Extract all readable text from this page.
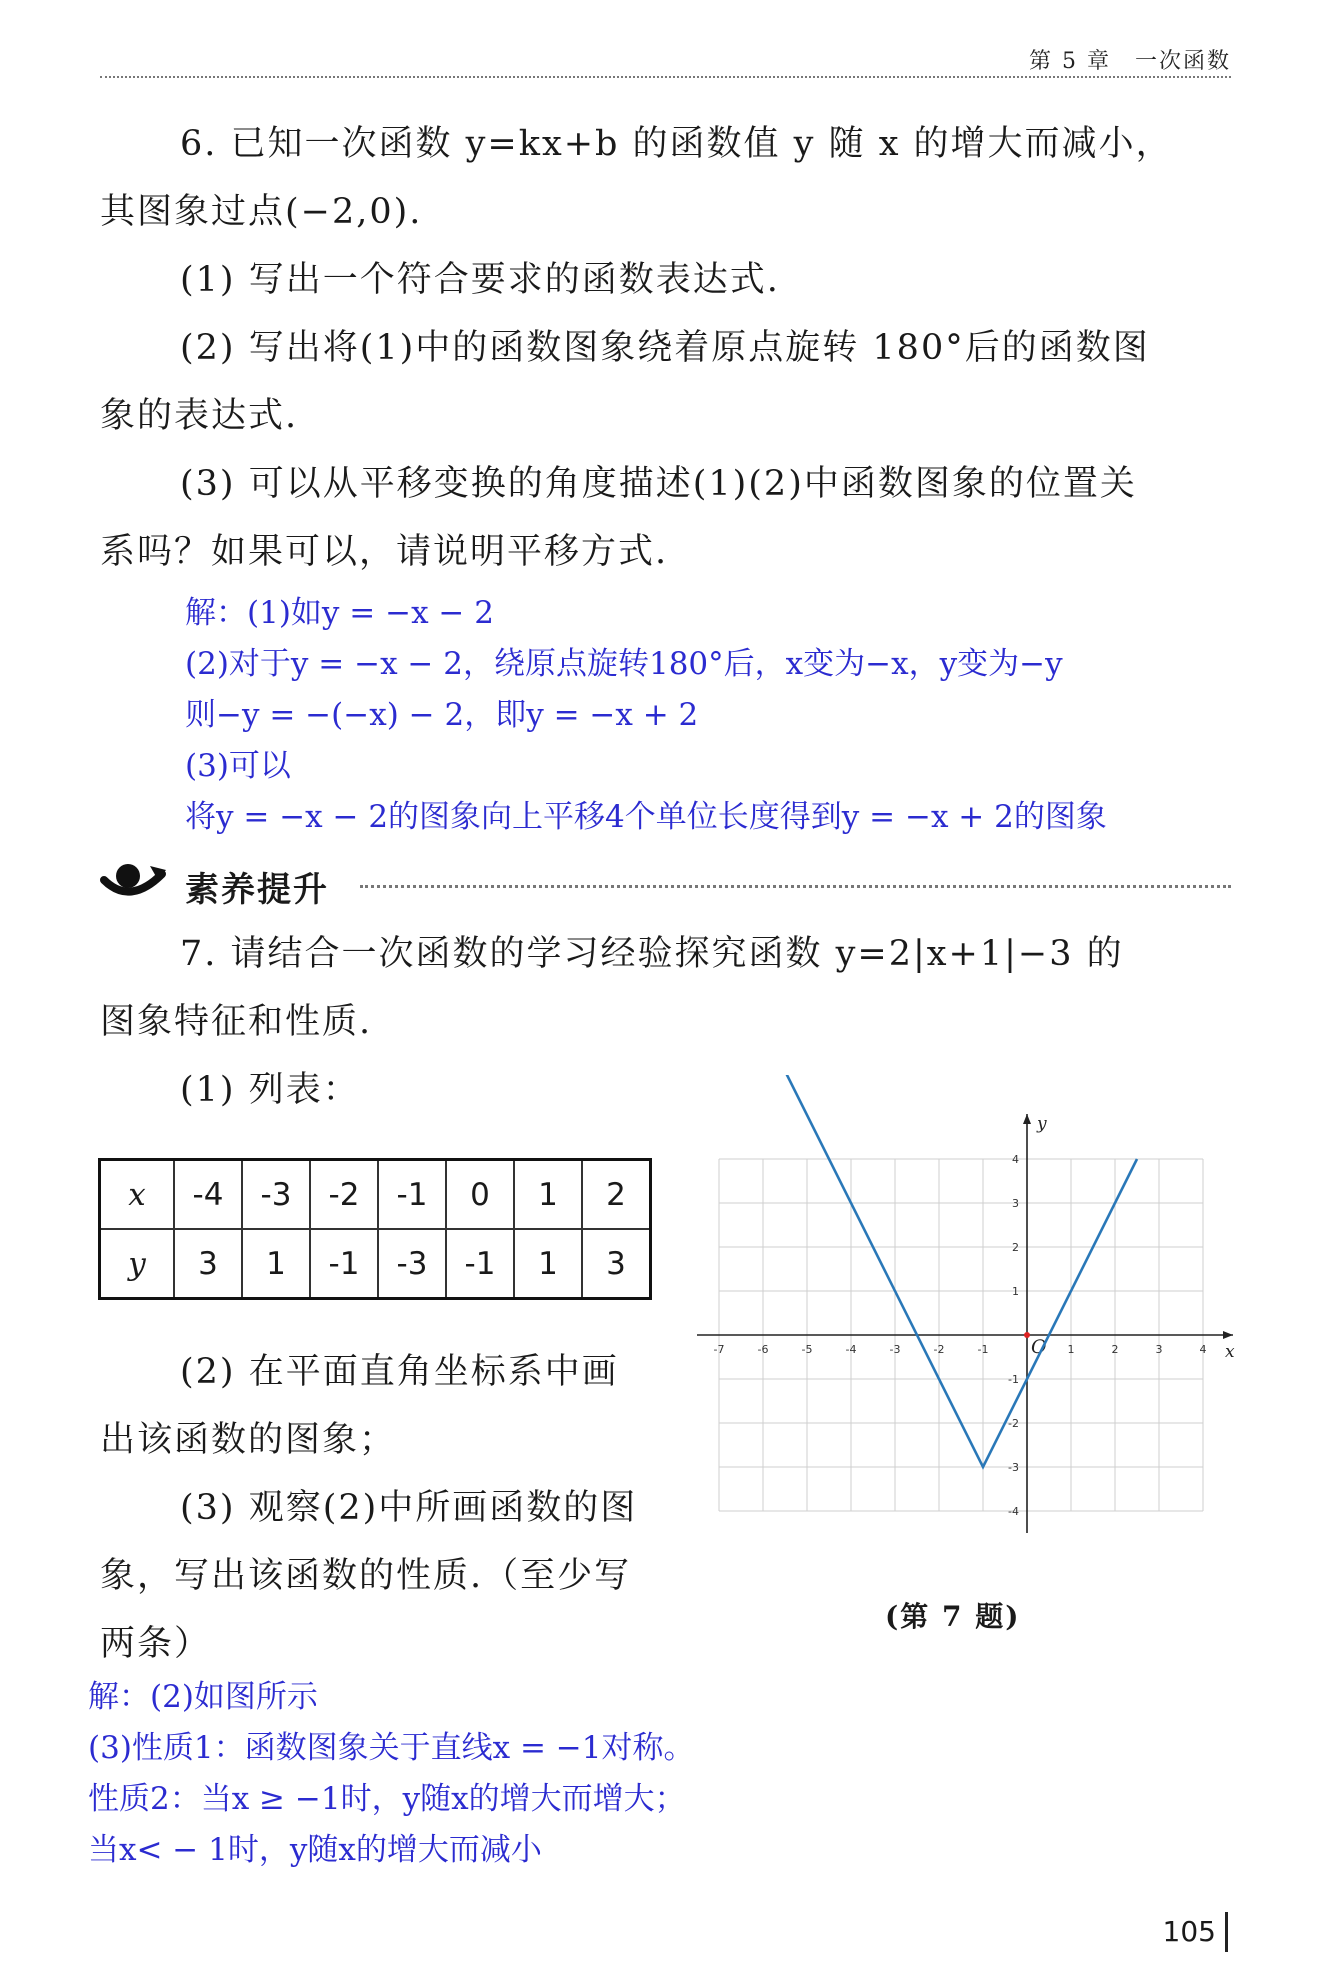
第 5 章　一次函数
6. 已知一次函数 y=kx+b 的函数值 y 随 x 的增大而减小，
其图象过点(−2,0).
(1) 写出一个符合要求的函数表达式.
(2) 写出将(1)中的函数图象绕着原点旋转 180°后的函数图
象的表达式.
(3) 可以从平移变换的角度描述(1)(2)中函数图象的位置关
系吗？如果可以，请说明平移方式.
解：(1)如y = −x − 2
(2)对于y = −x − 2，绕原点旋转180°后，x变为−x，y变为−y
则−y = −(−x) − 2，即y = −x + 2
(3)可以
将y = −x − 2的图象向上平移4个单位长度得到y = −x + 2的图象
素养提升
7. 请结合一次函数的学习经验探究函数 y=2|x+1|−3 的
图象特征和性质.
(1) 列表：
x	-4	-3	-2	-1	0	1	2
y	3	1	-1	-3	-1	1	3
(2) 在平面直角坐标系中画
出该函数的图象；
(3) 观察(2)中所画函数的图
象，写出该函数的性质.（至少写
两条）
-7	-6	-5	-4	-3	-2	-1	1	2	3	4
4
3
2
1
-1
-2
-3
-4
x
y
O
(第 7 题)
解：(2)如图所示
(3)性质1：函数图象关于直线x = −1对称。
性质2：当x ≥ −1时，y随x的增大而增大；
当x< − 1时，y随x的增大而减小
105
